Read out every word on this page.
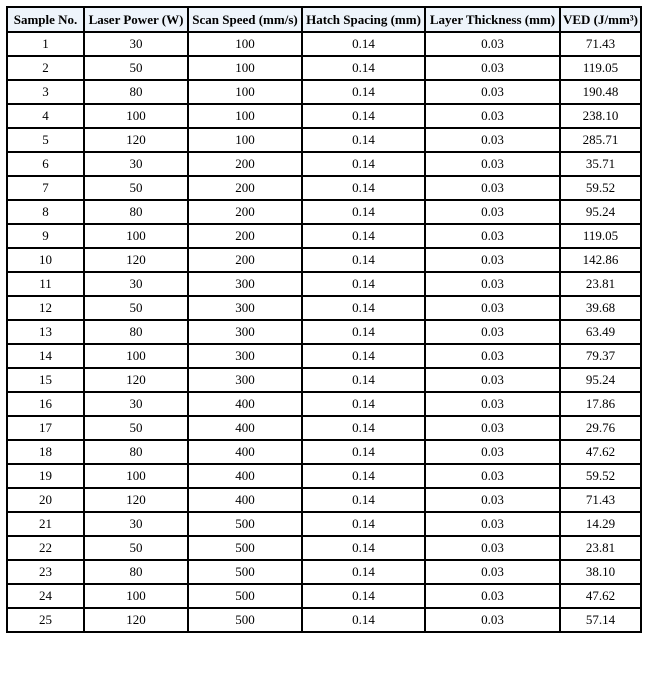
Sample No.	Laser Power (W)	Scan Speed (mm/s)	Hatch Spacing (mm)	Layer Thickness (mm)	VED (J/mm³)
1	30	100	0.14	0.03	71.43
2	50	100	0.14	0.03	119.05
3	80	100	0.14	0.03	190.48
4	100	100	0.14	0.03	238.10
5	120	100	0.14	0.03	285.71
6	30	200	0.14	0.03	35.71
7	50	200	0.14	0.03	59.52
8	80	200	0.14	0.03	95.24
9	100	200	0.14	0.03	119.05
10	120	200	0.14	0.03	142.86
11	30	300	0.14	0.03	23.81
12	50	300	0.14	0.03	39.68
13	80	300	0.14	0.03	63.49
14	100	300	0.14	0.03	79.37
15	120	300	0.14	0.03	95.24
16	30	400	0.14	0.03	17.86
17	50	400	0.14	0.03	29.76
18	80	400	0.14	0.03	47.62
19	100	400	0.14	0.03	59.52
20	120	400	0.14	0.03	71.43
21	30	500	0.14	0.03	14.29
22	50	500	0.14	0.03	23.81
23	80	500	0.14	0.03	38.10
24	100	500	0.14	0.03	47.62
25	120	500	0.14	0.03	57.14
